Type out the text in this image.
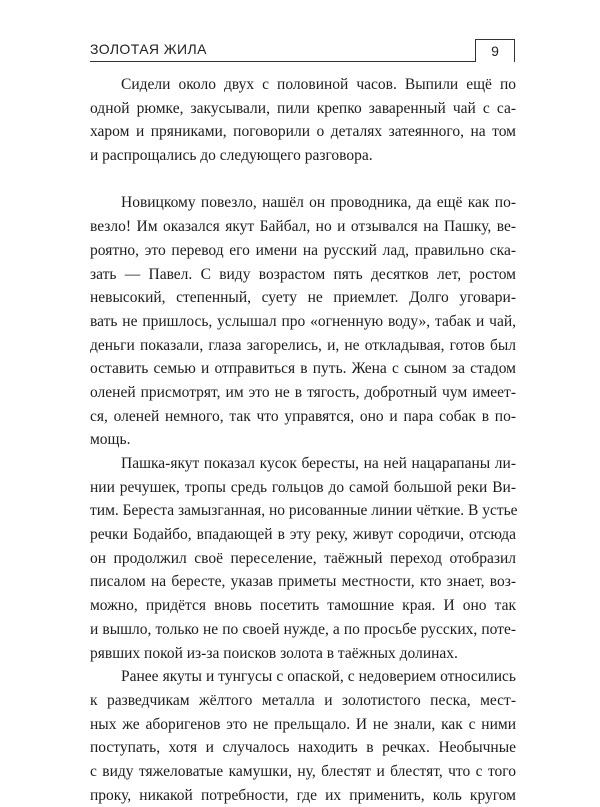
ЗОЛОТАЯ ЖИЛА	9
Сидели около двух с половиной часов. Выпили ещё по
одной рюмке, закусывали, пили крепко заваренный чай с са-
харом и пряниками, поговорили о деталях затеянного, на том
и распрощались до следующего разговора.
Новицкому повезло, нашёл он проводника, да ещё как по-
везло! Им оказался якут Байбал, но и отзывался на Пашку, ве-
роятно, это перевод его имени на русский лад, правильно ска-
зать — Павел. С виду возрастом пять десятков лет, ростом
невысокий, степенный, суету не приемлет. Долго уговари-
вать не пришлось, услышал про «огненную воду», табак и чай,
деньги показали, глаза загорелись, и, не откладывая, готов был
оставить семью и отправиться в путь. Жена с сыном за стадом
оленей присмотрят, им это не в тягость, добротный чум имеет-
ся, оленей немного, так что управятся, оно и пара собак в по-
мощь.
Пашка-якут показал кусок бересты, на ней нацарапаны ли-
нии речушек, тропы средь гольцов до самой большой реки Ви-
тим. Береста замызганная, но рисованные линии чёткие. В устье
речки Бодайбо, впадающей в эту реку, живут сородичи, отсюда
он продолжил своё переселение, таёжный переход отобразил
писалом на бересте, указав приметы местности, кто знает, воз-
можно, придётся вновь посетить тамошние края. И оно так
и вышло, только не по своей нужде, а по просьбе русских, поте-
рявших покой из-за поисков золота в таёжных долинах.
Ранее якуты и тунгусы с опаской, с недоверием относились
к разведчикам жёлтого металла и золотистого песка, мест-
ных же аборигенов это не прельщало. И не знали, как с ними
поступать, хотя и случалось находить в речках. Необычные
с виду тяжеловатые камушки, ну, блестят и блестят, что с того
проку, никакой потребности, где их применить, коль кругом
